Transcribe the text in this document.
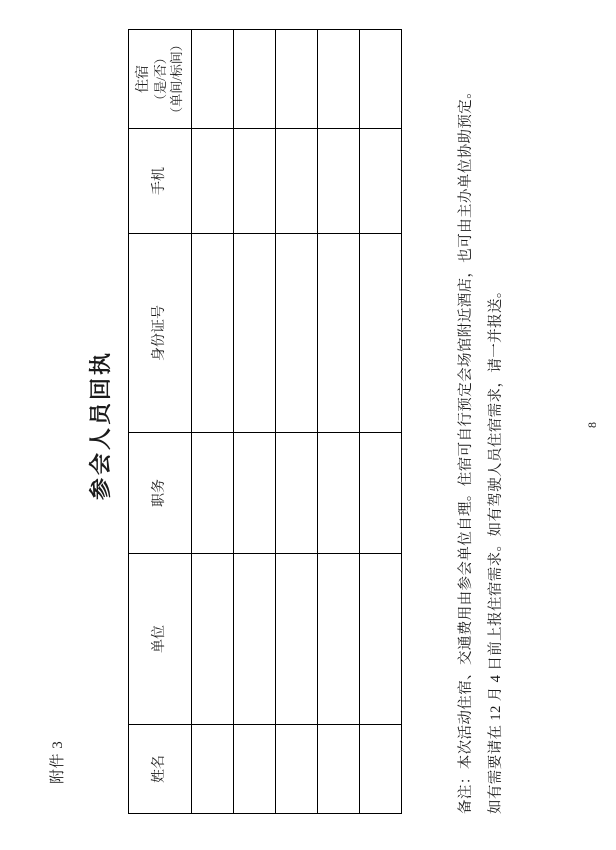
附件 3
参会人员回执
姓名	单位	职务	身份证号	手机	住宿 （是/否） （单间/标间）

备注：本次活动住宿、交通费用由参会单位自理。住宿可自行预定会场馆附近酒店，也可由主办单位协助预定。 如有需要请在 12 月 4 日前上报住宿需求。如有驾驶人员住宿需求，请一并报送。	8
